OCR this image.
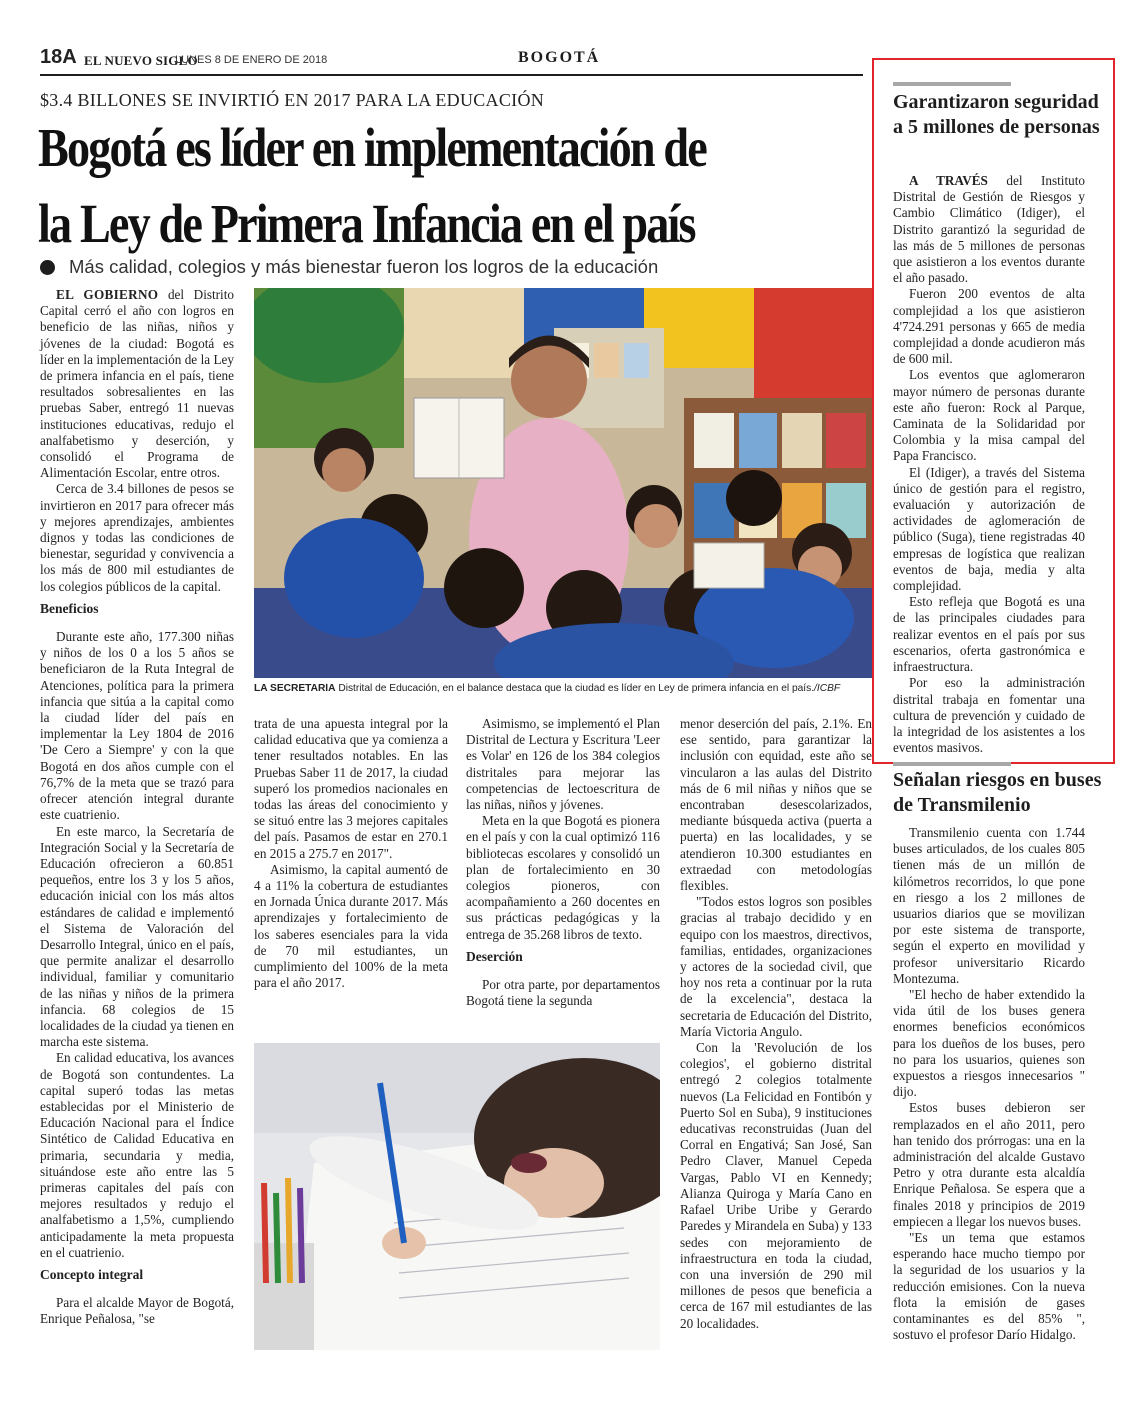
18A EL NUEVO SIGLO
LUNES 8 DE ENERO DE 2018	BOGOTÁ
$3.4 BILLONES SE INVIRTIÓ EN 2017 PARA LA EDUCACIÓN
Bogotá es líder en implementación de
la Ley de Primera Infancia en el país
Más calidad, colegios y más bienestar fueron los logros de la educación

EL GOBIERNO del Distrito Capital cerró el año con logros en beneficio de las niñas, niños y jóvenes de la ciudad: Bogotá es líder en la implementación de la Ley de primera infancia en el país, tiene resultados sobresalientes en las pruebas Saber, entregó 11 nuevas instituciones educativas, redujo el analfabetismo y deserción, y consolidó el Programa de Alimentación Escolar, entre otros.

Cerca de 3.4 billones de pesos se invirtieron en 2017 para ofrecer más y mejores aprendizajes, ambientes dignos y todas las condiciones de bienestar, seguridad y convivencia a los más de 800 mil estudiantes de los colegios públicos de la capital.

Beneficios

Durante este año, 177.300 niñas y niños de los 0 a los 5 años se beneficiaron de la Ruta Integral de Atenciones, política para la primera infancia que sitúa a la capital como la ciudad líder del país en implementar la Ley 1804 de 2016 'De Cero a Siempre' y con la que Bogotá en dos años cumple con el 76,7% de la meta que se trazó para ofrecer atención integral durante este cuatrienio.

En este marco, la Secretaría de Integración Social y la Secretaría de Educación ofrecieron a 60.851 pequeños, entre los 3 y los 5 años, educación inicial con los más altos estándares de calidad e implementó el Sistema de Valoración del Desarrollo Integral, único en el país, que permite analizar el desarrollo individual, familiar y comunitario de las niñas y niños de la primera infancia. 68 colegios de 15 localidades de la ciudad ya tienen en marcha este sistema.

En calidad educativa, los avances de Bogotá son contundentes. La capital superó todas las metas establecidas por el Ministerio de Educación Nacional para el Índice Sintético de Calidad Educativa en primaria, secundaria y media, situándose este año entre las 5 primeras capitales del país con mejores resultados y redujo el analfabetismo a 1,5%, cumpliendo anticipadamente la meta propuesta en el cuatrienio.

Concepto integral

Para el alcalde Mayor de Bogotá, Enrique Peñalosa, "se

LA SECRETARÍA Distrital de Educación, en el balance destaca que la ciudad es líder en Ley de primera infancia en el país./ICBF

trata de una apuesta integral por la calidad educativa que ya comienza a tener resultados notables. En las Pruebas Saber 11 de 2017, la ciudad superó los promedios nacionales en todas las áreas del conocimiento y se situó entre las 3 mejores capitales del país. Pasamos de estar en 270.1 en 2015 a 275.7 en 2017".

Asimismo, la capital aumentó de 4 a 11% la cobertura de estudiantes en Jornada Única durante 2017. Más aprendizajes y fortalecimiento de los saberes esenciales para la vida de 70 mil estudiantes, un cumplimiento del 100% de la meta para el año 2017.

Asimismo, se implementó el Plan Distrital de Lectura y Escritura 'Leer es Volar' en 126 de los 384 colegios distritales para mejorar las competencias de lectoescritura de las niñas, niños y jóvenes.

Meta en la que Bogotá es pionera en el país y con la cual optimizó 116 bibliotecas escolares y consolidó un plan de fortalecimiento en 30 colegios pioneros, con acompañamiento a 260 docentes en sus prácticas pedagógicas y la entrega de 35.268 libros de texto.

Deserción

Por otra parte, por departamentos Bogotá tiene la segunda

menor deserción del país, 2.1%. En ese sentido, para garantizar la inclusión con equidad, este año se vincularon a las aulas del Distrito más de 6 mil niñas y niños que se encontraban desescolarizados, mediante búsqueda activa (puerta a puerta) en las localidades, y se atendieron 10.300 estudiantes en extraedad con metodologías flexibles.

"Todos estos logros son posibles gracias al trabajo decidido y en equipo con los maestros, directivos, familias, entidades, organizaciones y actores de la sociedad civil, que hoy nos reta a continuar por la ruta de la excelencia", destaca la secretaria de Educación del Distrito, María Victoria Angulo.

Con la 'Revolución de los colegios', el gobierno distrital entregó 2 colegios totalmente nuevos (La Felicidad en Fontibón y Puerto Sol en Suba), 9 instituciones educativas reconstruidas (Juan del Corral en Engativá; San José, San Pedro Claver, Manuel Cepeda Vargas, Pablo VI en Kennedy; Alianza Quiroga y María Cano en Rafael Uribe Uribe y Gerardo Paredes y Mirandela en Suba) y 133 sedes con mejoramiento de infraestructura en toda la ciudad, con una inversión de 290 mil millones de pesos que beneficia a cerca de 167 mil estudiantes de las 20 localidades.

Garantizaron seguridad a 5 millones de personas

A TRAVÉS del Instituto Distrital de Gestión de Riesgos y Cambio Climático (Idiger), el Distrito garantizó la seguridad de las más de 5 millones de personas que asistieron a los eventos durante el año pasado.

Fueron 200 eventos de alta complejidad a los que asistieron 4'724.291 personas y 665 de media complejidad a donde acudieron más de 600 mil.

Los eventos que aglomeraron mayor número de personas durante este año fueron: Rock al Parque, Caminata de la Solidaridad por Colombia y la misa campal del Papa Francisco.

El (Idiger), a través del Sistema único de gestión para el registro, evaluación y autorización de actividades de aglomeración de público (Suga), tiene registradas 40 empresas de logística que realizan eventos de baja, media y alta complejidad.

Esto refleja que Bogotá es una de las principales ciudades para realizar eventos en el país por sus escenarios, oferta gastronómica e infraestructura.

Por eso la administración distrital trabaja en fomentar una cultura de prevención y cuidado de la integridad de los asistentes a los eventos masivos.

Señalan riesgos en buses de Transmilenio

Transmilenio cuenta con 1.744 buses articulados, de los cuales 805 tienen más de un millón de kilómetros recorridos, lo que pone en riesgo a los 2 millones de usuarios diarios que se movilizan por este sistema de transporte, según el experto en movilidad y profesor universitario Ricardo Montezuma.

"El hecho de haber extendido la vida útil de los buses genera enormes beneficios económicos para los dueños de los buses, pero no para los usuarios, quienes son expuestos a riesgos innecesarios " dijo.

Estos buses debieron ser remplazados en el año 2011, pero han tenido dos prórrogas: una en la administración del alcalde Gustavo Petro y otra durante esta alcaldía Enrique Peñalosa. Se espera que a finales 2018 y principios de 2019 empiecen a llegar los nuevos buses.

"Es un tema que estamos esperando hace mucho tiempo por la seguridad de los usuarios y la reducción emisiones. Con la nueva flota la emisión de gases contaminantes es del 85% ", sostuvo el profesor Darío Hidalgo.
